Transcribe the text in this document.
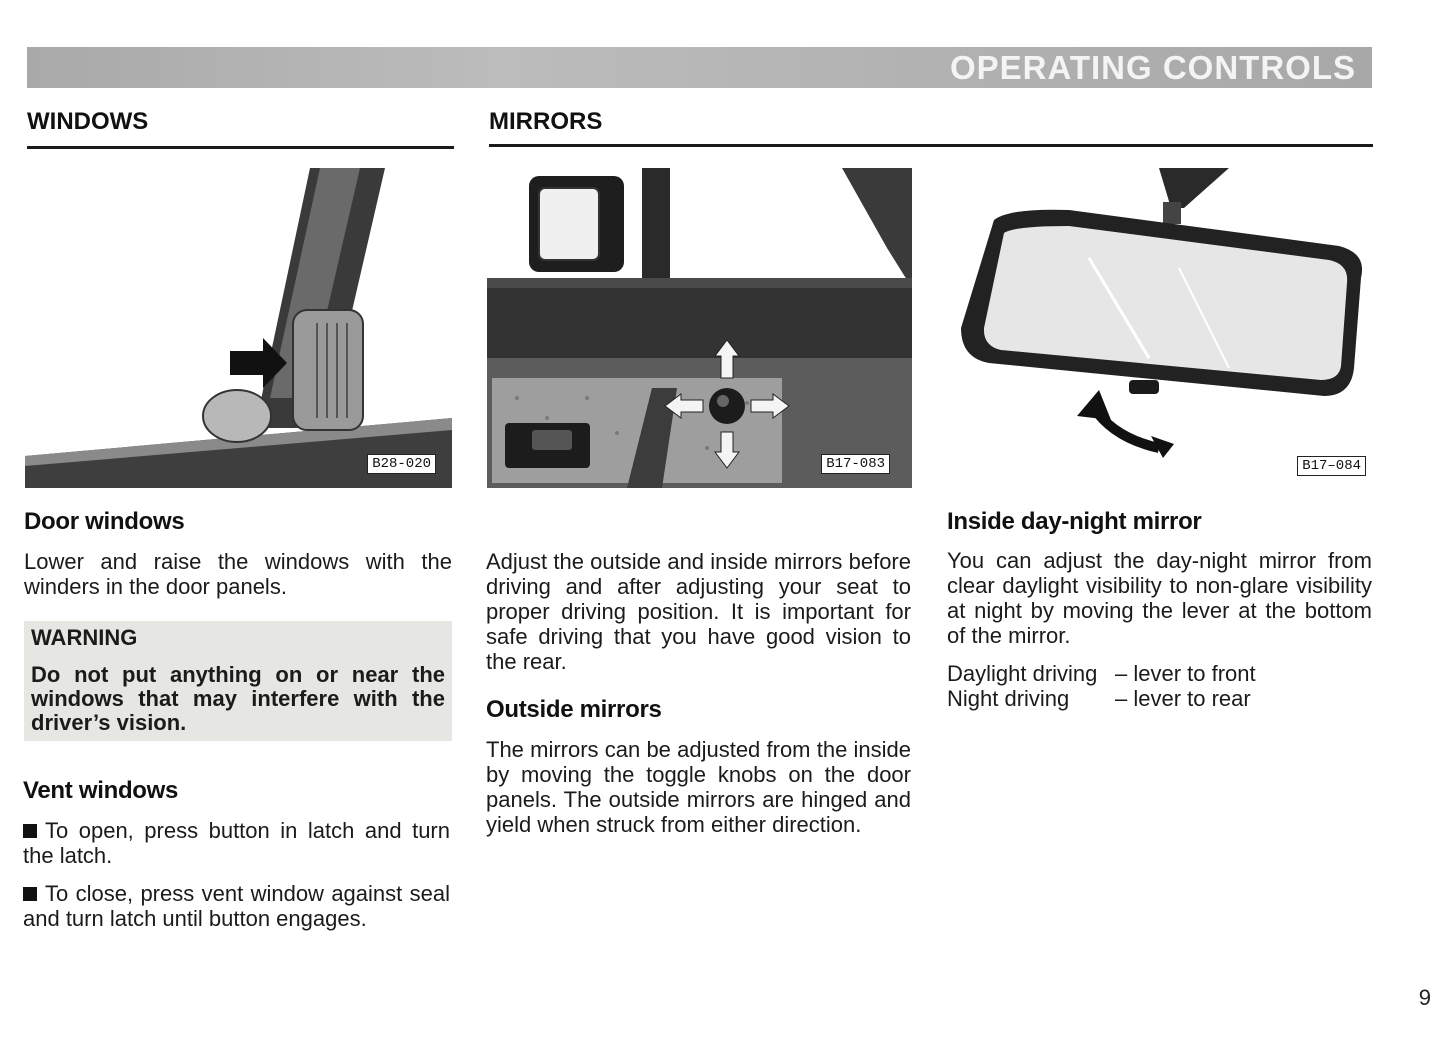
OPERATING CONTROLS
WINDOWS	MIRRORS
B28-020	B17-083	B17–084
Door windows

Lower and raise the windows with the winders in the door panels.

WARNING
Do not put anything on or near the windows that may interfere with the driver’s vision.
Vent windows

To open, press button in latch and turn the latch.

To close, press vent window against seal and turn latch until button engages.

Adjust the outside and inside mirrors before driving and after adjusting your seat to proper driving position. It is important for safe driving that you have good vision to the rear.

Outside mirrors

The mirrors can be adjusted from the inside by moving the toggle knobs on the door panels. The outside mirrors are hinged and yield when struck from either direction.

Inside day-night mirror

You can adjust the day-night mirror from clear daylight visibility to non-glare visibility at night by moving the lever at the bottom of the mirror.

Daylight driving	– lever to front
Night driving	– lever to rear
9
